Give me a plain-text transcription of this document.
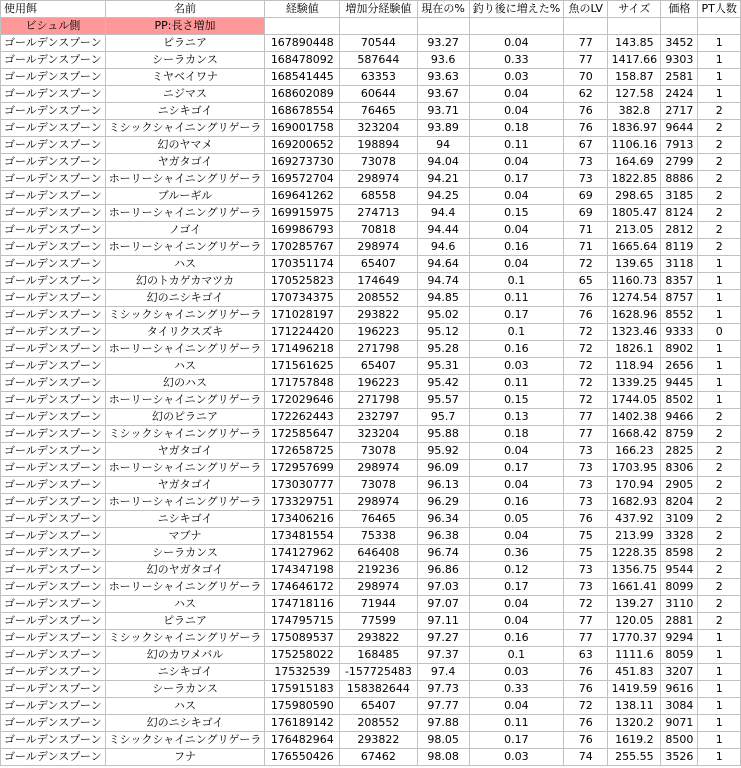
使用餌	名前	経験値	増加分経験値	現在の%	釣り後に増えた%	魚のLV	サイズ	価格	PT人数
ビシュル側	PP:長さ増加								
ゴールデンスプーン	ピラニア	167890448	70544	93.27	0.04	77	143.85	3452	1
ゴールデンスプーン	シーラカンス	168478092	587644	93.6	0.33	77	1417.66	9303	1
ゴールデンスプーン	ミヤベイワナ	168541445	63353	93.63	0.03	70	158.87	2581	1
ゴールデンスプーン	ニジマス	168602089	60644	93.67	0.04	62	127.58	2424	1
ゴールデンスプーン	ニシキゴイ	168678554	76465	93.71	0.04	76	382.8	2717	2
ゴールデンスプーン	ミシックシャイニングリゲーラ	169001758	323204	93.89	0.18	76	1836.97	9644	2
ゴールデンスプーン	幻のヤマメ	169200652	198894	94	0.11	67	1106.16	7913	2
ゴールデンスプーン	ヤガタゴイ	169273730	73078	94.04	0.04	73	164.69	2799	2
ゴールデンスプーン	ホーリーシャイニングリゲーラ	169572704	298974	94.21	0.17	73	1822.85	8886	2
ゴールデンスプーン	ブルーギル	169641262	68558	94.25	0.04	69	298.65	3185	2
ゴールデンスプーン	ホーリーシャイニングリゲーラ	169915975	274713	94.4	0.15	69	1805.47	8124	2
ゴールデンスプーン	ノゴイ	169986793	70818	94.44	0.04	71	213.05	2812	2
ゴールデンスプーン	ホーリーシャイニングリゲーラ	170285767	298974	94.6	0.16	71	1665.64	8119	2
ゴールデンスプーン	ハス	170351174	65407	94.64	0.04	72	139.65	3118	1
ゴールデンスプーン	幻のトカゲカマツカ	170525823	174649	94.74	0.1	65	1160.73	8357	1
ゴールデンスプーン	幻のニシキゴイ	170734375	208552	94.85	0.11	76	1274.54	8757	1
ゴールデンスプーン	ミシックシャイニングリゲーラ	171028197	293822	95.02	0.17	76	1628.96	8552	1
ゴールデンスプーン	タイリクスズキ	171224420	196223	95.12	0.1	72	1323.46	9333	0
ゴールデンスプーン	ホーリーシャイニングリゲーラ	171496218	271798	95.28	0.16	72	1826.1	8902	1
ゴールデンスプーン	ハス	171561625	65407	95.31	0.03	72	118.94	2656	1
ゴールデンスプーン	幻のハス	171757848	196223	95.42	0.11	72	1339.25	9445	1
ゴールデンスプーン	ホーリーシャイニングリゲーラ	172029646	271798	95.57	0.15	72	1744.05	8502	1
ゴールデンスプーン	幻のピラニア	172262443	232797	95.7	0.13	77	1402.38	9466	2
ゴールデンスプーン	ミシックシャイニングリゲーラ	172585647	323204	95.88	0.18	77	1668.42	8759	2
ゴールデンスプーン	ヤガタゴイ	172658725	73078	95.92	0.04	73	166.23	2825	2
ゴールデンスプーン	ホーリーシャイニングリゲーラ	172957699	298974	96.09	0.17	73	1703.95	8306	2
ゴールデンスプーン	ヤガタゴイ	173030777	73078	96.13	0.04	73	170.94	2905	2
ゴールデンスプーン	ホーリーシャイニングリゲーラ	173329751	298974	96.29	0.16	73	1682.93	8204	2
ゴールデンスプーン	ニシキゴイ	173406216	76465	96.34	0.05	76	437.92	3109	2
ゴールデンスプーン	マブナ	173481554	75338	96.38	0.04	75	213.99	3328	2
ゴールデンスプーン	シーラカンス	174127962	646408	96.74	0.36	75	1228.35	8598	2
ゴールデンスプーン	幻のヤガタゴイ	174347198	219236	96.86	0.12	73	1356.75	9544	2
ゴールデンスプーン	ホーリーシャイニングリゲーラ	174646172	298974	97.03	0.17	73	1661.41	8099	2
ゴールデンスプーン	ハス	174718116	71944	97.07	0.04	72	139.27	3110	2
ゴールデンスプーン	ピラニア	174795715	77599	97.11	0.04	77	120.05	2881	2
ゴールデンスプーン	ミシックシャイニングリゲーラ	175089537	293822	97.27	0.16	77	1770.37	9294	1
ゴールデンスプーン	幻のカワメバル	175258022	168485	97.37	0.1	63	1111.6	8059	1
ゴールデンスプーン	ニシキゴイ	17532539	-157725483	97.4	0.03	76	451.83	3207	1
ゴールデンスプーン	シーラカンス	175915183	158382644	97.73	0.33	76	1419.59	9616	1
ゴールデンスプーン	ハス	175980590	65407	97.77	0.04	72	138.11	3084	1
ゴールデンスプーン	幻のニシキゴイ	176189142	208552	97.88	0.11	76	1320.2	9071	1
ゴールデンスプーン	ミシックシャイニングリゲーラ	176482964	293822	98.05	0.17	76	1619.2	8500	1
ゴールデンスプーン	フナ	176550426	67462	98.08	0.03	74	255.55	3526	1
